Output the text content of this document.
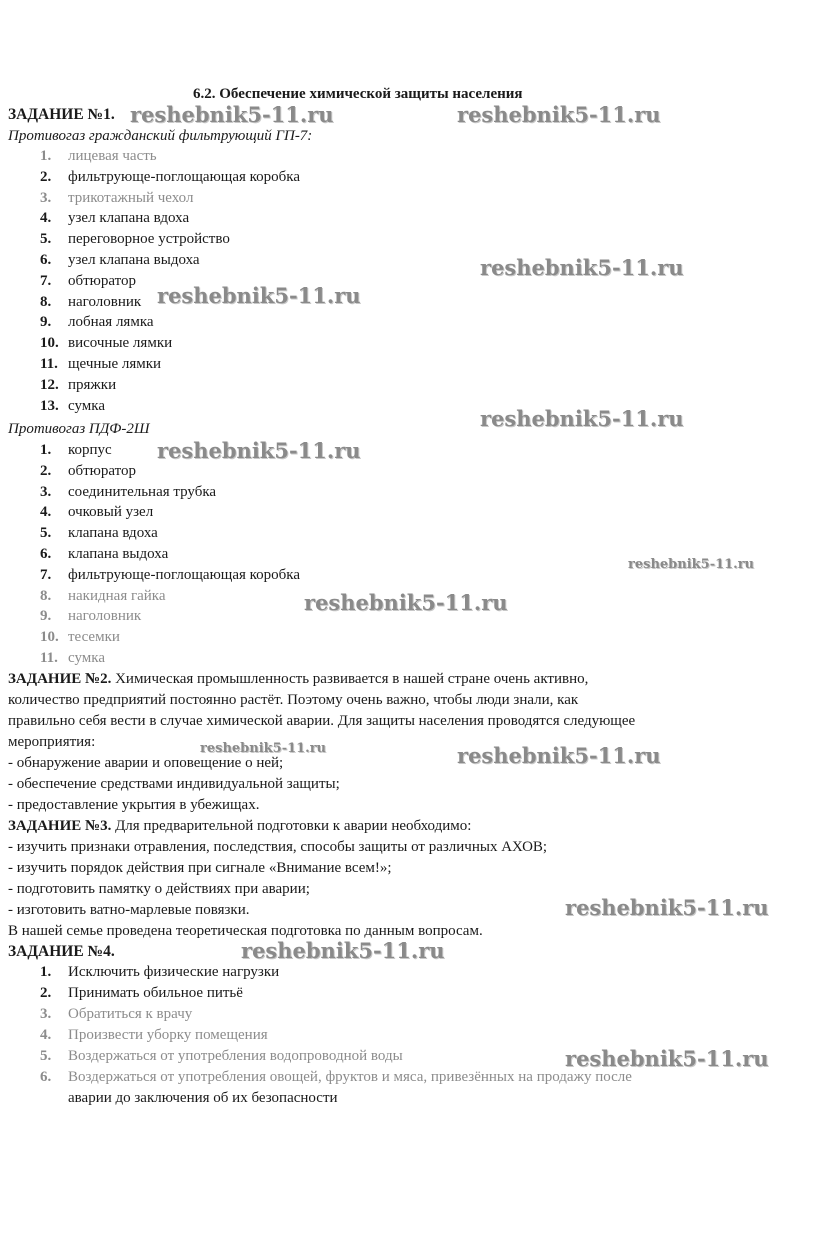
6.2. Обеспечение химической защиты населения
ЗАДАНИЕ №1.
Противогаз гражданский фильтрующий ГП-7:
1. лицевая часть
2. фильтрующе-поглощающая коробка
3. трикотажный чехол
4. узел клапана вдоха
5. переговорное устройство
6. узел клапана выдоха
7. обтюратор
8. наголовник
9. лобная лямка
10. височные лямки
11. щечные лямки
12. пряжки
13. сумка
Противогаз ПДФ-2Ш
1. корпус
2. обтюратор
3. соединительная трубка
4. очковый узел
5. клапана вдоха
6. клапана выдоха
7. фильтрующе-поглощающая коробка
8. накидная гайка
9. наголовник
10. тесемки
11. сумка
ЗАДАНИЕ №2. Химическая промышленность развивается в нашей стране очень активно,
количество предприятий постоянно растёт. Поэтому очень важно, чтобы люди знали, как
правильно себя вести в случае химической аварии. Для защиты населения проводятся следующее
мероприятия:
- обнаружение аварии и оповещение о ней;
- обеспечение средствами индивидуальной защиты;
- предоставление укрытия в убежищах.
ЗАДАНИЕ №3. Для предварительной подготовки к аварии необходимо:
- изучить признаки отравления, последствия, способы защиты от различных АХОВ;
- изучить порядок действия при сигнале «Внимание всем!»;
- подготовить памятку о действиях при аварии;
- изготовить ватно-марлевые повязки.
В нашей семье проведена теоретическая подготовка по данным вопросам.
ЗАДАНИЕ №4.
1. Исключить физические нагрузки
2. Принимать обильное питьё
3. Обратиться к врачу
4. Произвести уборку помещения
5. Воздержаться от употребления водопроводной воды
6. Воздержаться от употребления овощей, фруктов и мяса, привезённых на продажу после
аварии до заключения об их безопасности
reshebnik5-11.ru	reshebnik5-11.ru
reshebnik5-11.ru
reshebnik5-11.ru
reshebnik5-11.ru
reshebnik5-11.ru
reshebnik5-11.ru
reshebnik5-11.ru
reshebnik5-11.ru	reshebnik5-11.ru
reshebnik5-11.ru
reshebnik5-11.ru
reshebnik5-11.ru
